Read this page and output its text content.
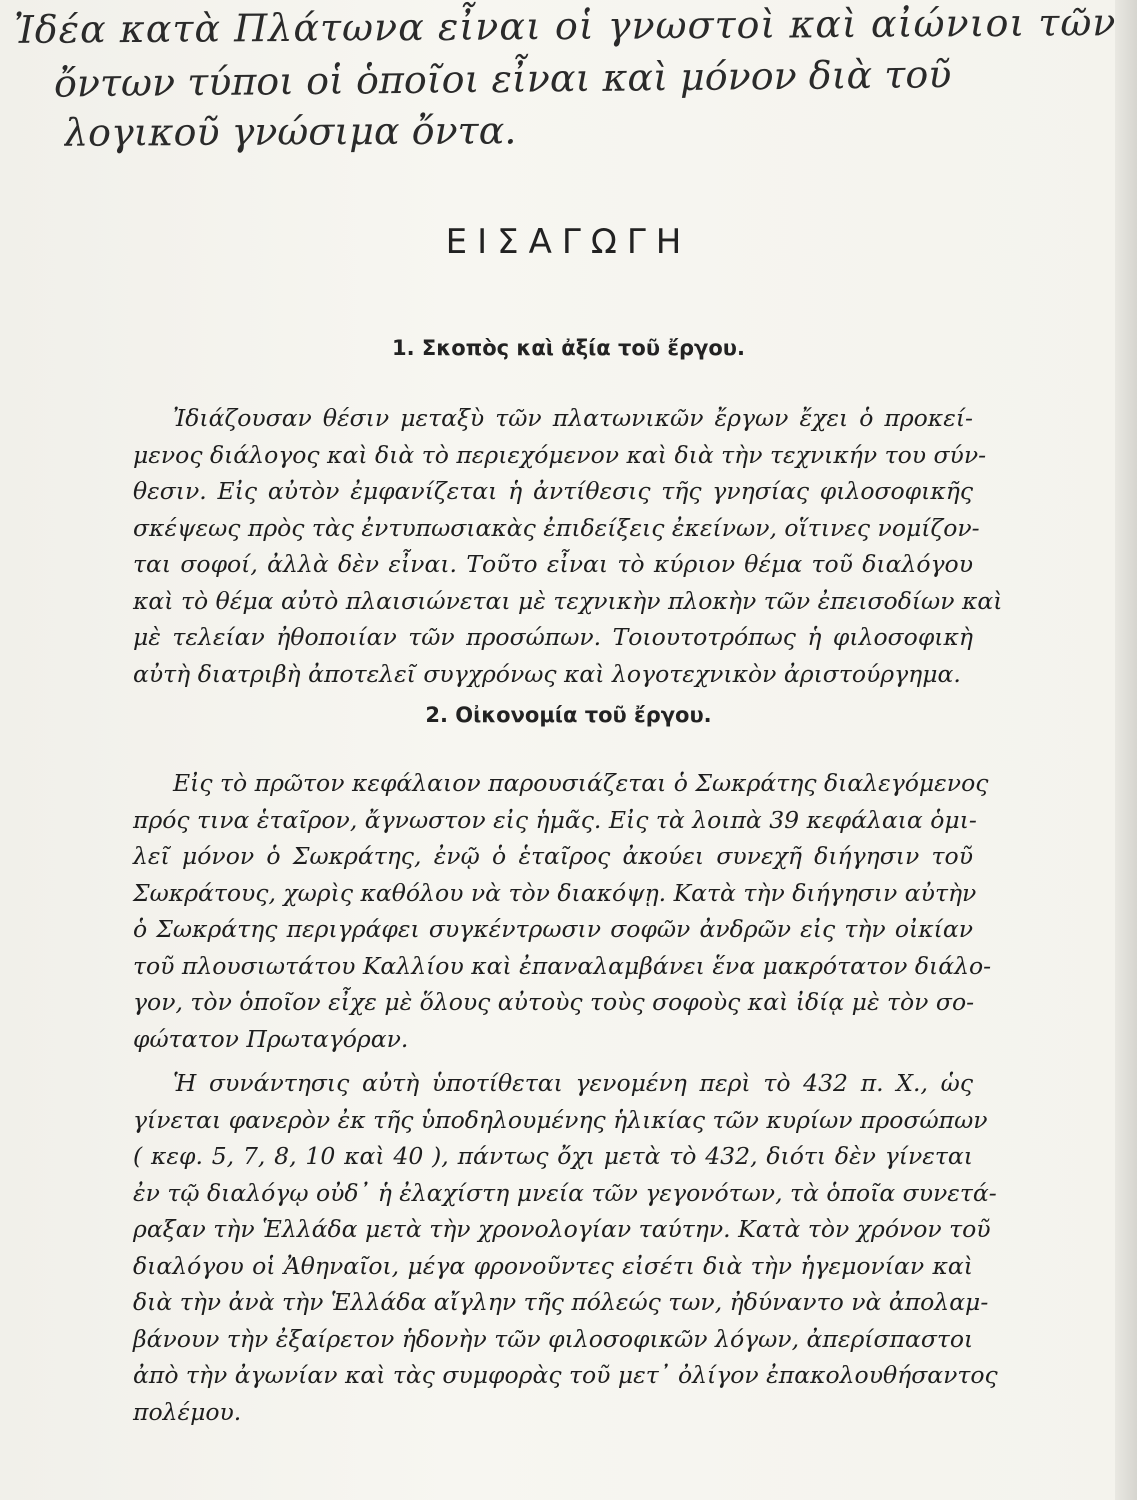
Ἰδέα κατὰ Πλάτωνα εἶναι οἱ γνωστοὶ καὶ αἰώνιοι τῶν
ὄντων τύποι οἱ ὁποῖοι εἶναι καὶ μόνον διὰ τοῦ
λογικοῦ γνώσιμα ὄντα.
ΕΙΣΑΓΩΓΗ
1. Σκοπὸς καὶ ἀξία τοῦ ἔργου.
Ἰδιάζουσαν θέσιν μεταξὺ τῶν πλατωνικῶν ἔργων ἔχει ὁ προκεί-
μενος διάλογος καὶ διὰ τὸ περιεχόμενον καὶ διὰ τὴν τεχνικήν του σύν-
θεσιν. Εἰς αὐτὸν ἐμφανίζεται ἡ ἀντίθεσις τῆς γνησίας φιλοσοφικῆς
σκέψεως πρὸς τὰς ἐντυπωσιακὰς ἐπιδείξεις ἐκείνων, οἵτινες νομίζον-
ται σοφοί, ἀλλὰ δὲν εἶναι. Τοῦτο εἶναι τὸ κύριον θέμα τοῦ διαλόγου
καὶ τὸ θέμα αὐτὸ πλαισιώνεται μὲ τεχνικὴν πλοκὴν τῶν ἐπεισοδίων καὶ
μὲ τελείαν ἠθοποιίαν τῶν προσώπων. Τοιουτοτρόπως ἡ φιλοσοφικὴ
αὐτὴ διατριβὴ ἀποτελεῖ συγχρόνως καὶ λογοτεχνικὸν ἀριστούργημα.
2. Οἰκονομία τοῦ ἔργου.
Εἰς τὸ πρῶτον κεφάλαιον παρουσιάζεται ὁ Σωκράτης διαλεγόμενος
πρός τινα ἑταῖρον, ἄγνωστον εἰς ἡμᾶς. Εἰς τὰ λοιπὰ 39 κεφάλαια ὁμι-
λεῖ μόνον ὁ Σωκράτης, ἐνῷ ὁ ἑταῖρος ἀκούει συνεχῆ διήγησιν τοῦ
Σωκράτους, χωρὶς καθόλου νὰ τὸν διακόψῃ. Κατὰ τὴν διήγησιν αὐτὴν
ὁ Σωκράτης περιγράφει συγκέντρωσιν σοφῶν ἀνδρῶν εἰς τὴν οἰκίαν
τοῦ πλουσιωτάτου Καλλίου καὶ ἐπαναλαμβάνει ἕνα μακρότατον διάλο-
γον, τὸν ὁποῖον εἶχε μὲ ὅλους αὐτοὺς τοὺς σοφοὺς καὶ ἰδίᾳ μὲ τὸν σο-
φώτατον Πρωταγόραν.
Ἡ συνάντησις αὐτὴ ὑποτίθεται γενομένη περὶ τὸ 432 π. Χ., ὡς
γίνεται φανερὸν ἐκ τῆς ὑποδηλουμένης ἡλικίας τῶν κυρίων προσώπων
( κεφ. 5, 7, 8, 10 καὶ 40 ), πάντως ὄχι μετὰ τὸ 432, διότι δὲν γίνεται
ἐν τῷ διαλόγῳ οὐδ᾽ ἡ ἐλαχίστη μνεία τῶν γεγονότων, τὰ ὁποῖα συνετά-
ραξαν τὴν Ἑλλάδα μετὰ τὴν χρονολογίαν ταύτην. Κατὰ τὸν χρόνον τοῦ
διαλόγου οἱ Ἀθηναῖοι, μέγα φρονοῦντες εἰσέτι διὰ τὴν ἡγεμονίαν καὶ
διὰ τὴν ἀνὰ τὴν Ἑλλάδα αἴγλην τῆς πόλεώς των, ἠδύναντο νὰ ἀπολαμ-
βάνουν τὴν ἐξαίρετον ἡδονὴν τῶν φιλοσοφικῶν λόγων, ἀπερίσπαστοι
ἀπὸ τὴν ἀγωνίαν καὶ τὰς συμφορὰς τοῦ μετ᾽ ὀλίγον ἐπακολουθήσαντος
πολέμου.
